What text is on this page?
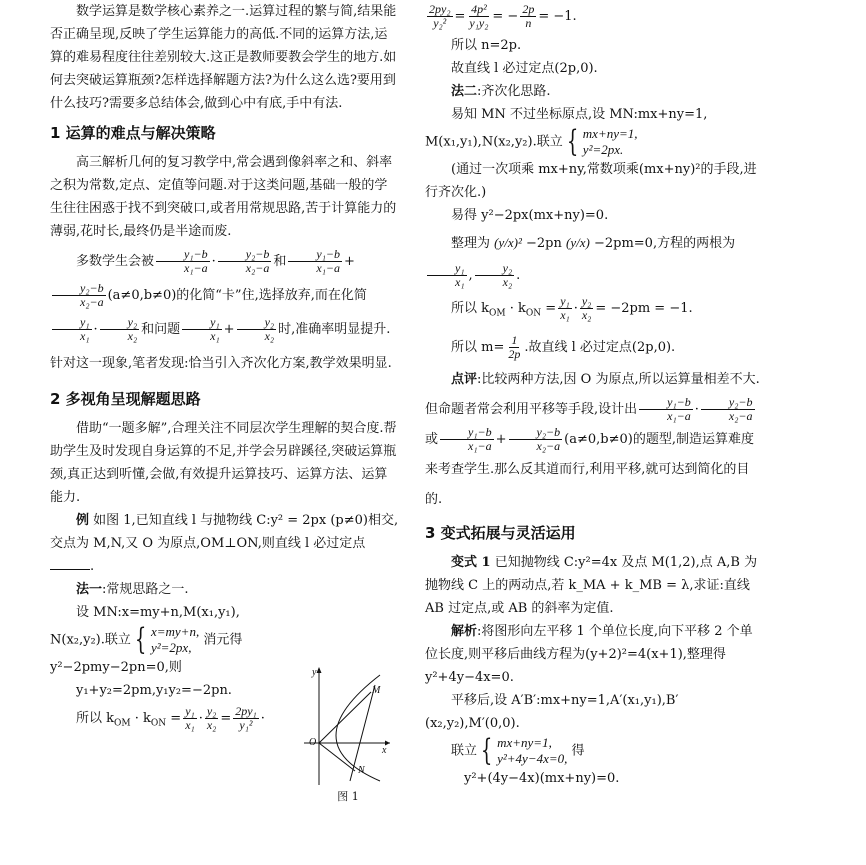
数学运算是数学核心素养之一.运算过程的繁与简,结果能否正确呈现,反映了学生运算能力的高低.不同的运算方法,运算的难易程度往往差别较大.这正是教师要教会学生的地方.如何去突破运算瓶颈?怎样选择解题方法?为什么这么选?要用到什么技巧?需要多总结体会,做到心中有底,手中有法.

1 运算的难点与解决策略

高三解析几何的复习教学中,常会遇到像斜率之和、斜率之积为常数,定点、定值等问题.对于这类问题,基础一般的学生往往困惑于找不到突破口,或者用常规思路,苦于计算能力的薄弱,花时长,最终仍是半途而废.

多数学生会被 $\frac{\text{y₁−b}}{\text{x₁−a}} \cdot \frac{\text{y₂−b}}{\text{x₂−a}}$ 和 $\frac{\text{y₁−b}}{\text{x₁−a}}$ +
$\frac{\text{y₂−b}}{\text{x₂−a}} (a\ne 0,b\ne 0)$的化简“卡”住,选择放弃,而在化简
$\frac{\text{y₁}}{\text{x₁}} \cdot \frac{\text{y₂}}{\text{x₂}}$ 和问题 $\frac{\text{y₁}}{\text{x₁}} + \frac{\text{y₂}}{\text{x₂}}$ 时,准确率明显提升.针对这一现象,笔者发现:恰当引入齐次化方案,教学效果明显.

2 多视角呈现解题思路

借助“一题多解”,合理关注不同层次学生理解的契合度.帮助学生及时发现自身运算的不足,并学会另辟蹊径,突破运算瓶颈,真正达到听懂,会做,有效提升运算技巧、运算方法、运算能力.

例 如图 1,已知直线 l 与抛物线 C:y² = 2px (p≠0)相交,交点为 M,N,又 O 为原点,OM⊥ON,则直线 l 必过定点.

法一:常规思路之一.

设 MN:x=my+n,M(x₁,y₁),

N(x₂,y₂).联立 { x=my+n,
y²=2px, 消元得

y²−2pmy−2pn=0,则

y₁+y₂=2pm,y₁y₂=−2pn.

所以 $k_{OM} \cdot k_{ON} = \frac{\text{y₁}}{\text{x₁}} \cdot \frac{\text{y₂}}{\text{x₂}} = \frac{\text{2py₁}}{\text{y₁²}}$ ·

y
x
O
M
N
图 1

$\frac{\text{2py₂}}{\text{y₂²}} = \frac{\text{4p²}}{\text{y₁y₂}}$ = − $\frac{2p}{n} = -1$.

所以 n=2p.

故直线 l 必过定点(2p,0).

法二:齐次化思路.

易知 MN 不过坐标原点,设 MN:mx+ny=1,

M(x₁,y₁),N(x₂,y₂).联立 { mx+ny=1,
y²=2px.

(通过一次项乘 mx+ny,常数项乘(mx+ny)²的手段,进行齐次化.)

易得 y²−2px(mx+ny)=0.

整理为 (y/x)² −2pn (y/x) −2pm=0,方程的两根为
$\frac{\text{y₁}}{\text{x₁}}$ , $\frac{\text{y₂}}{\text{x₂}}$ .

所以 $k_{OM} \cdot k_{ON} = \frac{\text{y₁}}{\text{x₁}} \cdot \frac{\text{y₂}}{\text{x₂}} = -2pm = -1$.

所以 $m= \frac{1}{2p}$ .故直线 l 必过定点(2p,0).

点评:比较两种方法,因 O 为原点,所以运算量相差不大.但命题者常会利用平移等手段,设计出 $\frac{\text{y₁−b}}{\text{x₁−a}} \cdot \frac{\text{y₂−b}}{\text{x₂−a}}$
或 $\frac{\text{y₁−b}}{\text{x₁−a}} + \frac{\text{y₂−b}}{\text{x₂−a}} (a\ne 0,b\ne 0)$的题型,制造运算难度来考查学生.那么反其道而行,利用平移,就可达到简化的目的.

3 变式拓展与灵活运用

变式 1 已知抛物线 C:y²=4x 及点 M(1,2),点 A,B 为抛物线 C 上的两动点,若 k_MA + k_MB = λ,求证:直线 AB 过定点,或 AB 的斜率为定值.

解析:将图形向左平移 1 个单位长度,向下平移 2 个单位长度,则平移后曲线方程为(y+2)²=4(x+1),整理得 y²+4y−4x=0.

平移后,设 A′B′:mx+ny=1,A′(x₁,y₁),B′(x₂,y₂),M′(0,0).

联立 { mx+ny=1,
y²+4y−4x=0, 得

y²+(4y−4x)(mx+ny)=0.
